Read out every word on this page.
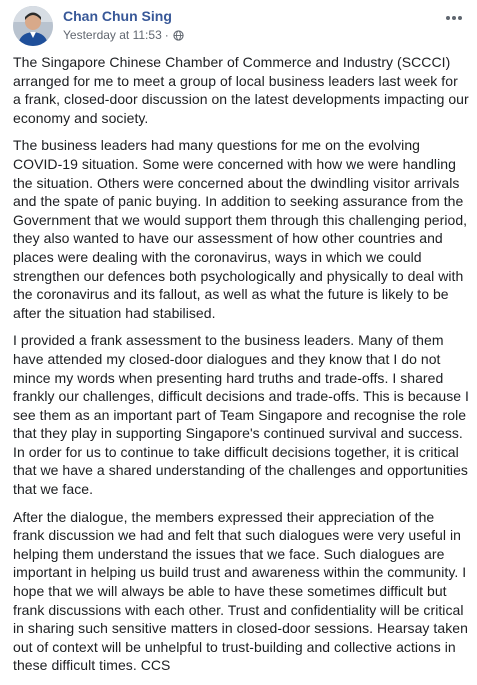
Chan Chun Sing
Yesterday at 11:53 ·

The Singapore Chinese Chamber of Commerce and Industry (SCCCI) arranged for me to meet a group of local business leaders last week for a frank, closed-door discussion on the latest developments impacting our economy and society.

The business leaders had many questions for me on the evolving COVID-19 situation. Some were concerned with how we were handling the situation. Others were concerned about the dwindling visitor arrivals and the spate of panic buying. In addition to seeking assurance from the Government that we would support them through this challenging period, they also wanted to have our assessment of how other countries and places were dealing with the coronavirus, ways in which we could strengthen our defences both psychologically and physically to deal with the coronavirus and its fallout, as well as what the future is likely to be after the situation had stabilised.

I provided a frank assessment to the business leaders. Many of them have attended my closed-door dialogues and they know that I do not mince my words when presenting hard truths and trade-offs. I shared frankly our challenges, difficult decisions and trade-offs. This is because I see them as an important part of Team Singapore and recognise the role that they play in supporting Singapore's continued survival and success. In order for us to continue to take difficult decisions together, it is critical that we have a shared understanding of the challenges and opportunities that we face.

After the dialogue, the members expressed their appreciation of the frank discussion we had and felt that such dialogues were very useful in helping them understand the issues that we face. Such dialogues are important in helping us build trust and awareness within the community. I hope that we will always be able to have these sometimes difficult but frank discussions with each other. Trust and confidentiality will be critical in sharing such sensitive matters in closed-door sessions. Hearsay taken out of context will be unhelpful to trust-building and collective actions in these difficult times. CCS
